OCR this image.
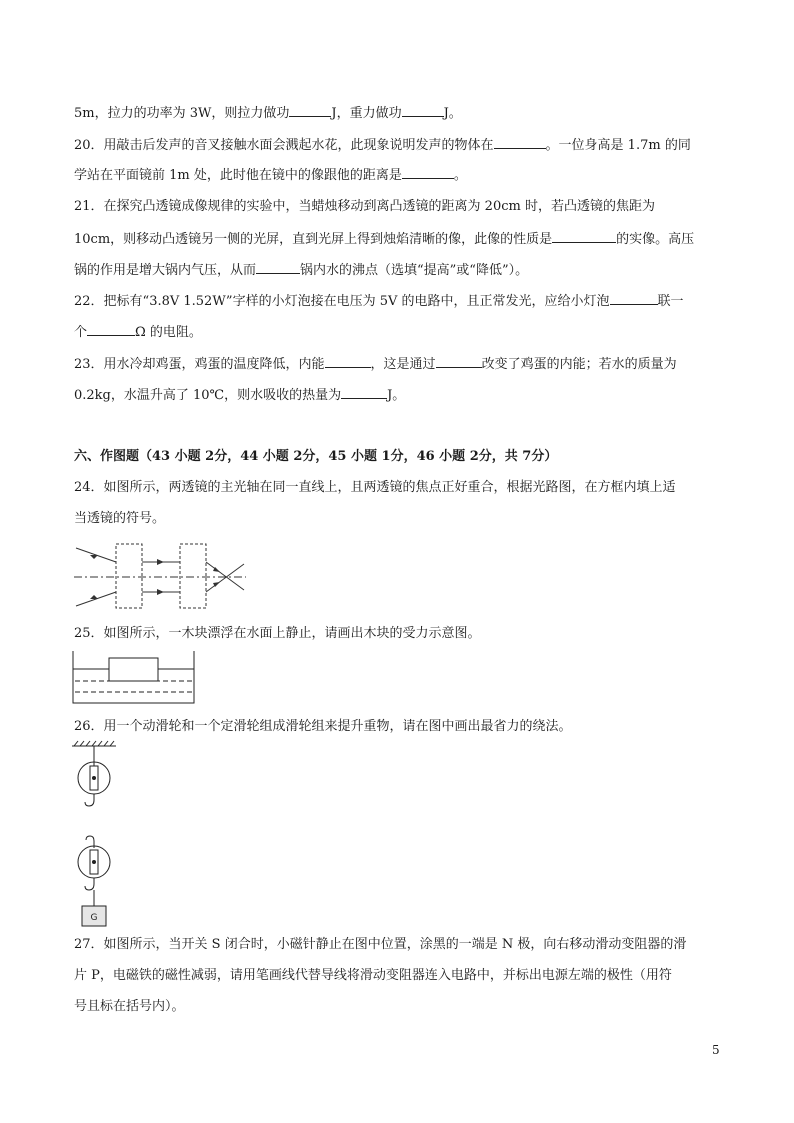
5m，拉力的功率为 3W，则拉力做功	J，重力做功	J。
20．用敲击后发声的音叉接触水面会溅起水花，此现象说明发声的物体在	。一位身高是 1.7m 的同
学站在平面镜前 1m 处，此时他在镜中的像跟他的距离是	。
21．在探究凸透镜成像规律的实验中，当蜡烛移动到离凸透镜的距离为 20cm 时，若凸透镜的焦距为
10cm，则移动凸透镜另一侧的光屏，直到光屏上得到烛焰清晰的像，此像的性质是	的实像。高压
锅的作用是增大锅内气压，从而	锅内水的沸点（选填“提高”或“降低”）。
22．把标有“3.8V 1.52W”字样的小灯泡接在电压为 5V 的电路中，且正常发光，应给小灯泡	联一
个	Ω 的电阻。
23．用水冷却鸡蛋，鸡蛋的温度降低，内能	，这是通过	改变了鸡蛋的内能；若水的质量为
0.2kg，水温升高了 10℃，则水吸收的热量为	J。
六、作图题（43 小题 2分，44 小题 2分，45 小题 1分，46 小题 2分，共 7分）
24．如图所示，两透镜的主光轴在同一直线上，且两透镜的焦点正好重合，根据光路图，在方框内填上适
当透镜的符号。
25．如图所示，一木块漂浮在水面上静止，请画出木块的受力示意图。
26．用一个动滑轮和一个定滑轮组成滑轮组来提升重物，请在图中画出最省力的绕法。
G
27．如图所示，当开关 S 闭合时，小磁针静止在图中位置，涂黑的一端是 N 极，向右移动滑动变阻器的滑
片 P，电磁铁的磁性减弱，请用笔画线代替导线将滑动变阻器连入电路中，并标出电源左端的极性（用符
号且标在括号内）。
5
